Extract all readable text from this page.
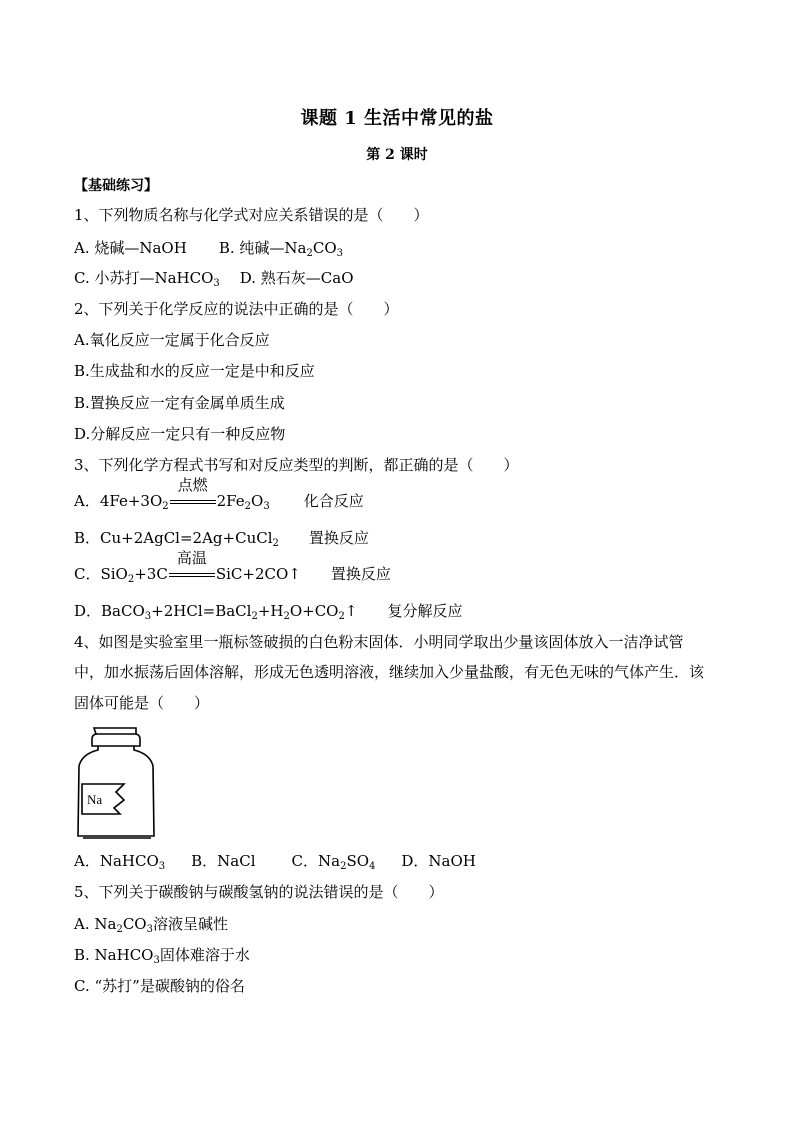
课题 1 生活中常见的盐
第 2 课时
【基础练习】
1、下列物质名称与化学式对应关系错误的是（　　）
A. 烧碱—NaOH B. 纯碱$—Na_2CO_3$
C. 小苏打—NaHCO$_3$ D. 熟石灰—CaO
2、下列关于化学反应的说法中正确的是（　　）
A.氧化反应一定属于化合反应
B.生成盐和水的反应一定是中和反应
B.置换反应一定有金属单质生成
D.分解反应一定只有一种反应物
3、下列化学方程式书写和对反应类型的判断，都正确的是（　　）
A．$4Fe+3O_2$
点燃
$2Fe_2O_3$ 化合反应
B．Cu+2AgCl=2Ag+CuCl$_2$ 置换反应
C．SiO$_2$+3C
高温
SiC+2CO↑ 置换反应
D．$BaCO_3+2HCl=BaCl_2+H_2O+CO_2↑$ 复分解反应
4、如图是实验室里一瓶标签破损的白色粉末固体．小明同学取出少量该固体放入一洁净试管
中，加水振荡后固体溶解，形成无色透明溶液，继续加入少量盐酸，有无色无味的气体产生．该
固体可能是（　　）
Na
A．NaHCO$_3$ B．NaCl C．$Na_2SO_4$ D．NaOH
5、下列关于碳酸钠与碳酸氢钠的说法错误的是（　　）
A. $Na_2CO_3$溶液呈碱性
B. NaHCO$_3$固体难溶于水
C. “苏打”是碳酸钠的俗名
